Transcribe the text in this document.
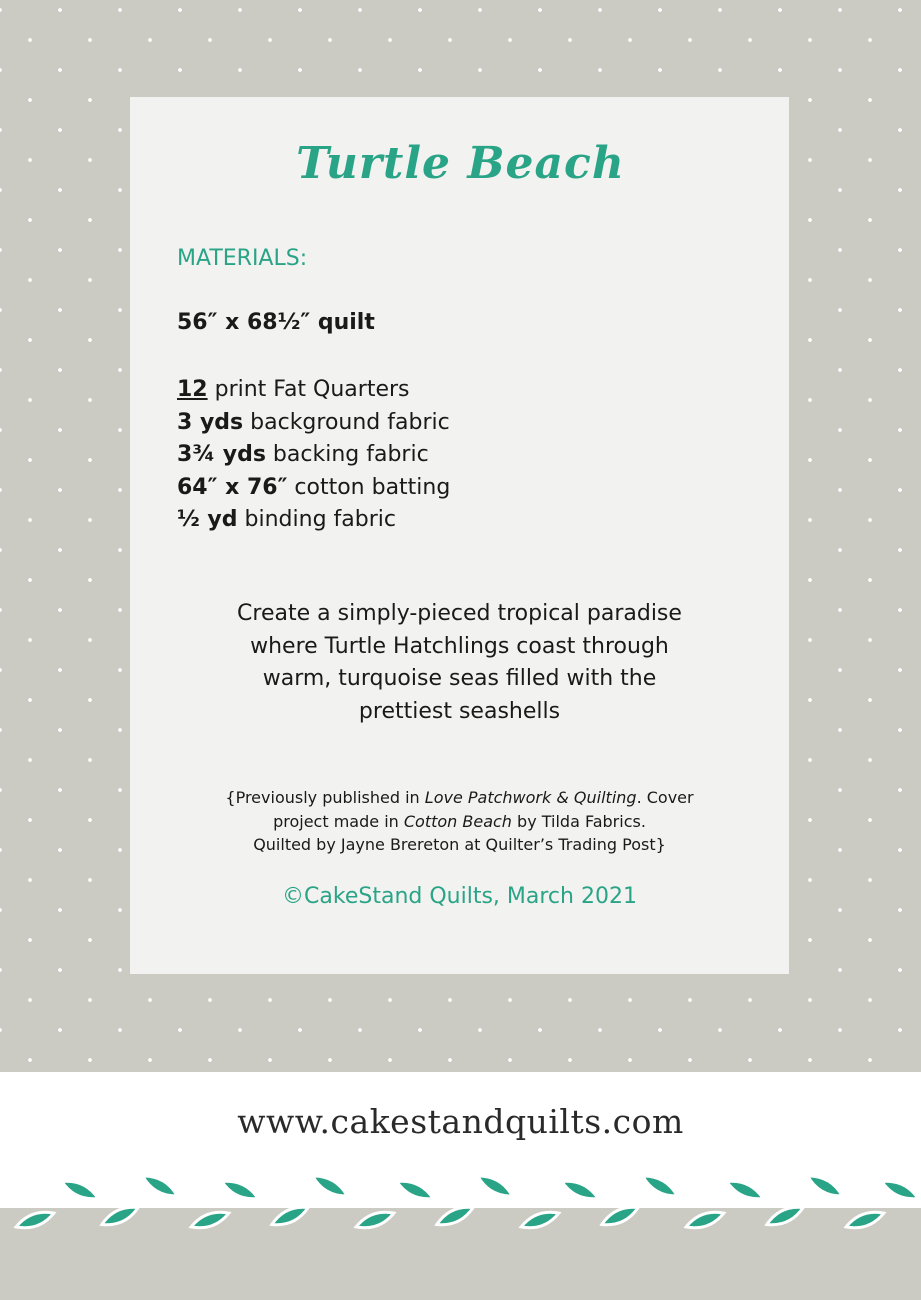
Turtle Beach
MATERIALS:
56″ x 68½″ quilt
12 print Fat Quarters
3 yds background fabric
3¾ yds backing fabric
64″ x 76″ cotton batting
½ yd binding fabric

Create a simply-pieced tropical paradise
where Turtle Hatchlings coast through
warm, turquoise seas filled with the
prettiest seashells

{Previously published in Love Patchwork & Quilting. Cover
project made in Cotton Beach by Tilda Fabrics.
Quilted by Jayne Brereton at Quilter’s Trading Post}

©CakeStand Quilts, March 2021

www.cakestandquilts.com
